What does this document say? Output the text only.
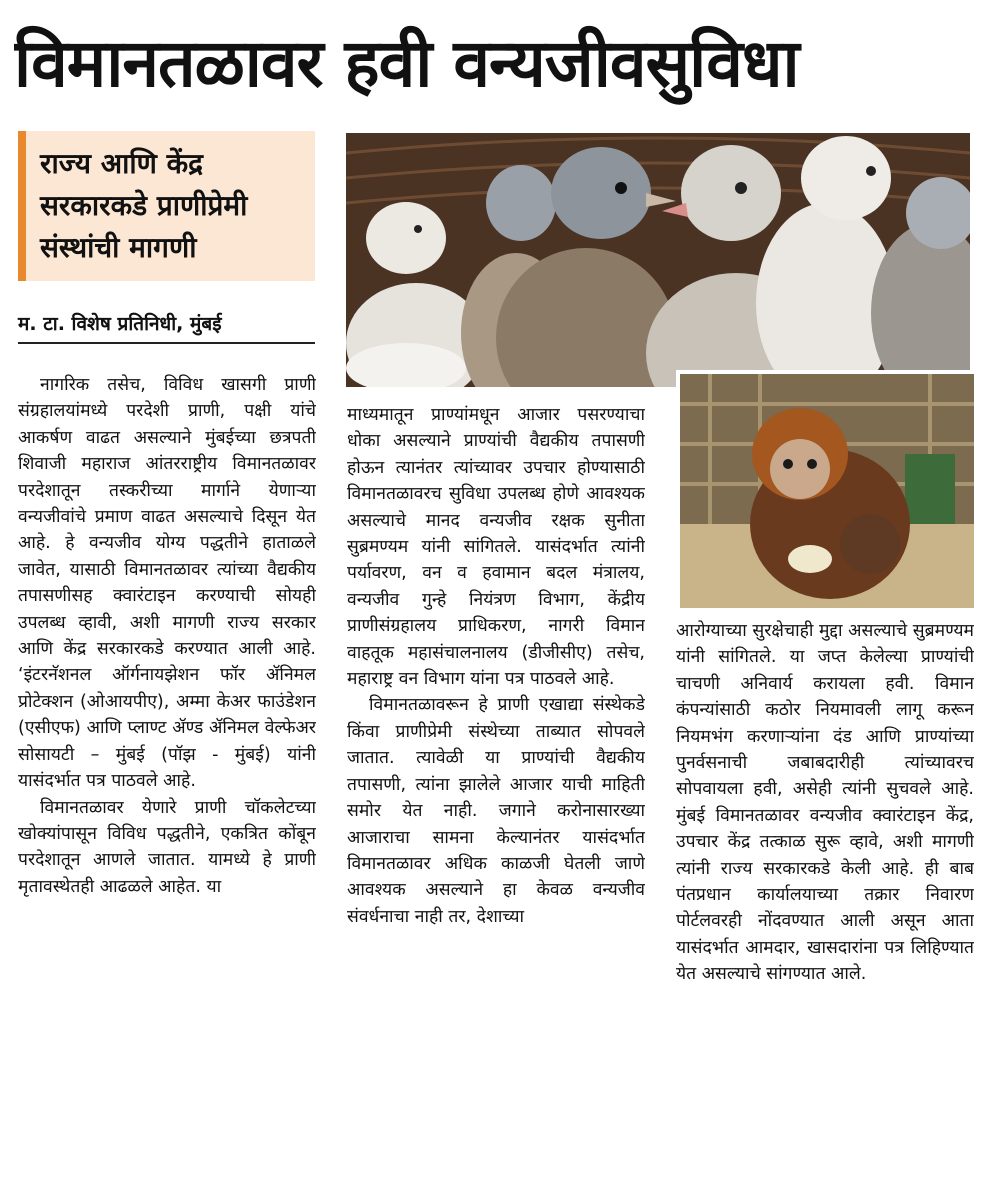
विमानतळावर हवी वन्यजीवसुविधा
राज्य आणि केंद्र सरकारकडे प्राणीप्रेमी संस्थांची मागणी
म. टा. विशेष प्रतिनिधी, मुंबई

नागरिक तसेच, विविध खासगी प्राणी संग्रहालयांमध्ये परदेशी प्राणी, पक्षी यांचे आकर्षण वाढत असल्याने मुंबईच्या छत्रपती शिवाजी महाराज आंतरराष्ट्रीय विमानतळावर परदेशातून तस्करीच्या मार्गाने येणाऱ्या वन्यजीवांचे प्रमाण वाढत असल्याचे दिसून येत आहे. हे वन्यजीव योग्य पद्धतीने हाताळले जावेत, यासाठी विमानतळावर त्यांच्या वैद्यकीय तपासणीसह क्वारंटाइन करण्याची सोयही उपलब्ध व्हावी, अशी मागणी राज्य सरकार आणि केंद्र सरकारकडे करण्यात आली आहे. ‘इंटरनॅशनल ऑर्गनायझेशन फॉर ॲनिमल प्रोटेक्शन (ओआयपीए), अम्मा केअर फाउंडेशन (एसीएफ) आणि प्लाण्ट ॲण्ड ॲनिमल वेल्फेअर सोसायटी – मुंबई (पॉझ - मुंबई) यांनी यासंदर्भात पत्र पाठवले आहे.

विमानतळावर येणारे प्राणी चॉकलेटच्या खोक्यांपासून विविध पद्धतीने, एकत्रित कोंबून परदेशातून आणले जातात. यामध्ये हे प्राणी मृतावस्थेतही आढळले आहेत. या

माध्यमातून प्राण्यांमधून आजार पसरण्याचा धोका असल्याने प्राण्यांची वैद्यकीय तपासणी होऊन त्यानंतर त्यांच्यावर उपचार होण्यासाठी विमानतळावरच सुविधा उपलब्ध होणे आवश्यक असल्याचे मानद वन्यजीव रक्षक सुनीता सुब्रमण्यम यांनी सांगितले. यासंदर्भात त्यांनी पर्यावरण, वन व हवामान बदल मंत्रालय, वन्यजीव गुन्हे नियंत्रण विभाग, केंद्रीय प्राणीसंग्रहालय प्राधिकरण, नागरी विमान वाहतूक महासंचालनालय (डीजीसीए) तसेच, महाराष्ट्र वन विभाग यांना पत्र पाठवले आहे.

विमानतळावरून हे प्राणी एखाद्या संस्थेकडे किंवा प्राणीप्रेमी संस्थेच्या ताब्यात सोपवले जातात. त्यावेळी या प्राण्यांची वैद्यकीय तपासणी, त्यांना झालेले आजार याची माहिती समोर येत नाही. जगाने करोनासारख्या आजाराचा सामना केल्यानंतर यासंदर्भात विमानतळावर अधिक काळजी घेतली जाणे आवश्यक असल्याने हा केवळ वन्यजीव संवर्धनाचा नाही तर, देशाच्या

आरोग्याच्या सुरक्षेचाही मुद्दा असल्याचे सुब्रमण्यम यांनी सांगितले. या जप्त केलेल्या प्राण्यांची चाचणी अनिवार्य करायला हवी. विमान कंपन्यांसाठी कठोर नियमावली लागू करून नियमभंग करणाऱ्यांना दंड आणि प्राण्यांच्या पुनर्वसनाची जबाबदारीही त्यांच्यावरच सोपवायला हवी, असेही त्यांनी सुचवले आहे. मुंबई विमानतळावर वन्यजीव क्वारंटाइन केंद्र, उपचार केंद्र तत्काळ सुरू व्हावे, अशी मागणी त्यांनी राज्य सरकारकडे केली आहे. ही बाब पंतप्रधान कार्यालयाच्या तक्रार निवारण पोर्टलवरही नोंदवण्यात आली असून आता यासंदर्भात आमदार, खासदारांना पत्र लिहिण्यात येत असल्याचे सांगण्यात आले.
